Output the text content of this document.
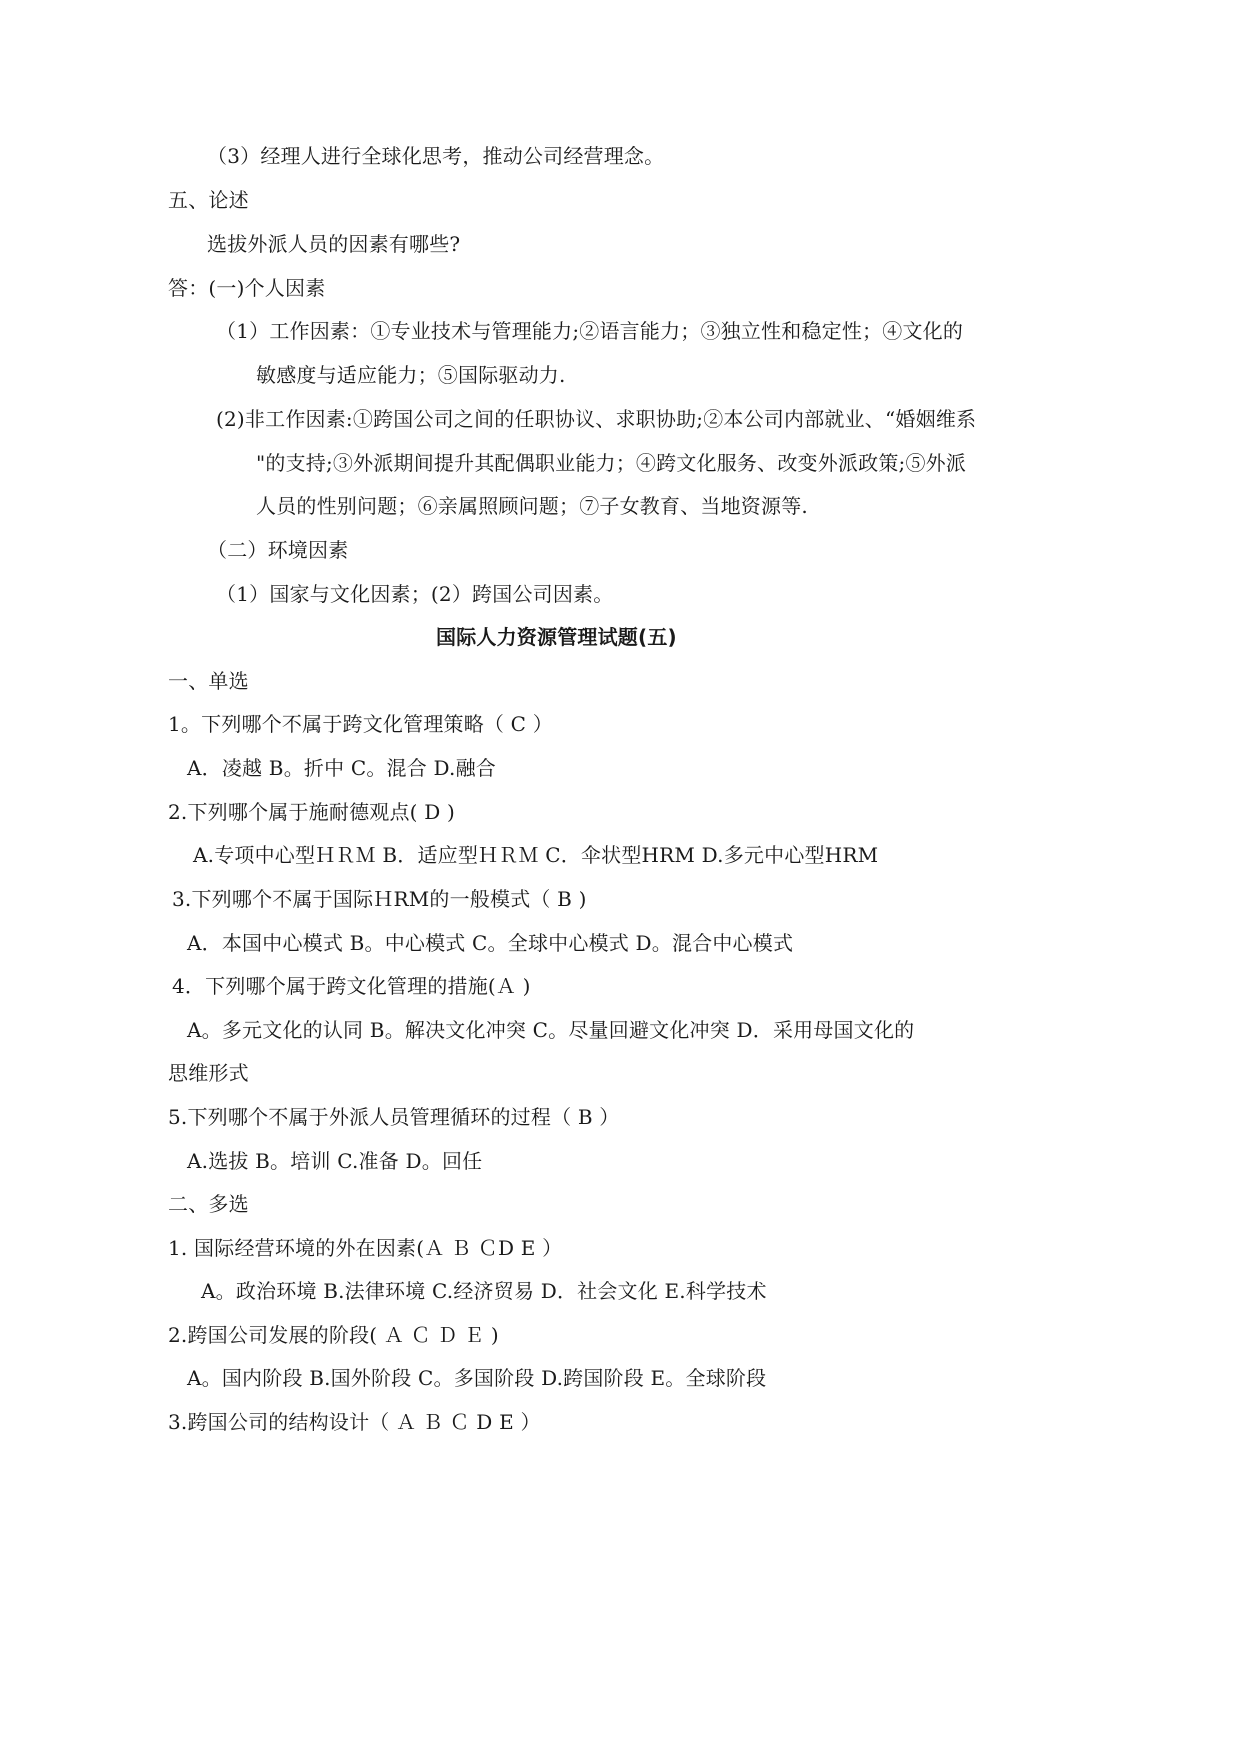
（3）经理人进行全球化思考，推动公司经营理念。
五、论述
选拔外派人员的因素有哪些?
答：(一)个人因素
（1）工作因素：①专业技术与管理能力;②语言能力；③独立性和稳定性；④文化的
敏感度与适应能力；⑤国际驱动力.
(2)非工作因素:①跨国公司之间的任职协议、求职协助;②本公司内部就业、“婚姻维系
"的支持;③外派期间提升其配偶职业能力；④跨文化服务、改变外派政策;⑤外派
人员的性别问题；⑥亲属照顾问题；⑦子女教育、当地资源等.
（二）环境因素
（1）国家与文化因素；(2）跨国公司因素。
国际人力资源管理试题(五)
一、单选
1。下列哪个不属于跨文化管理策略（ C ）
A．凌越 B。折中 C。混合 D.融合
2.下列哪个属于施耐德观点( D )
A.专项中心型ＨＲＭ B．适应型ＨＲＭ C．伞状型HRM D.多元中心型HRM
3.下列哪个不属于国际ＨRM的一般模式（ B )
A．本国中心模式 B。中心模式 C。全球中心模式 D。混合中心模式
4．下列哪个属于跨文化管理的措施(Ａ )
A。多元文化的认同 B。解决文化冲突 C。尽量回避文化冲突 D．采用母国文化的
思维形式
5.下列哪个不属于外派人员管理循环的过程（ B ）
A.选拔 B。培训 C.准备 D。回任
二、多选
1. 国际经营环境的外在因素(Ａ Ｂ ＣD E ）
A。政治环境 B.法律环境 C.经济贸易 D．社会文化 E.科学技术
2.跨国公司发展的阶段( Ａ Ｃ Ｄ Ｅ )
A。国内阶段 B.国外阶段 C。多国阶段 D.跨国阶段 E。全球阶段
3.跨国公司的结构设计（ Ａ Ｂ Ｃ D E ）
